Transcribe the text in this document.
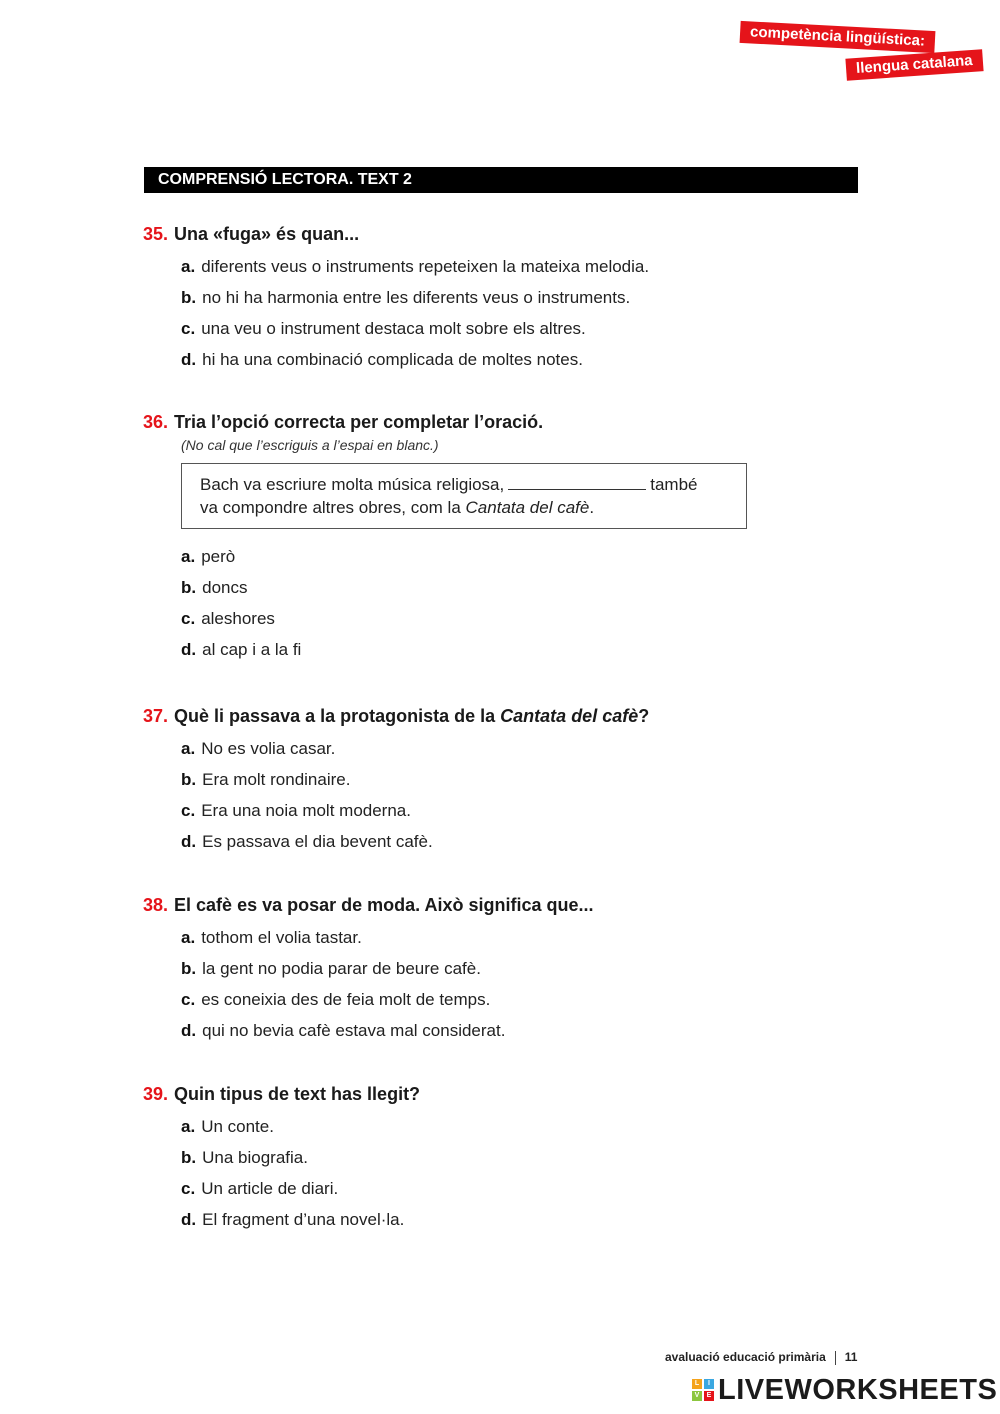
competència lingüística:
llengua catalana
COMPRENSIÓ LECTORA. TEXT 2
35. Una «fuga» és quan...
a. diferents veus o instruments repeteixen la mateixa melodia.
b. no hi ha harmonia entre les diferents veus o instruments.
c. una veu o instrument destaca molt sobre els altres.
d. hi ha una combinació complicada de moltes notes.
36. Tria l’opció correcta per completar l’oració.
(No cal que l’escriguis a l’espai en blanc.)
Bach va escriure molta música religiosa,	també
va compondre altres obres, com la Cantata del cafè.
a. però
b. doncs
c. aleshores
d. al cap i a la fi
37. Què li passava a la protagonista de la Cantata del cafè?
a. No es volia casar.
b. Era molt rondinaire.
c. Era una noia molt moderna.
d. Es passava el dia bevent cafè.
38. El cafè es va posar de moda. Això significa que...
a. tothom el volia tastar.
b. la gent no podia parar de beure cafè.
c. es coneixia des de feia molt de temps.
d. qui no bevia cafè estava mal considerat.
39. Quin tipus de text has llegit?
a. Un conte.
b. Una biografia.
c. Un article de diari.
d. El fragment d’una novel·la.
avaluació educació primària 11
L	I
V	E LIVEWORKSHEETS
